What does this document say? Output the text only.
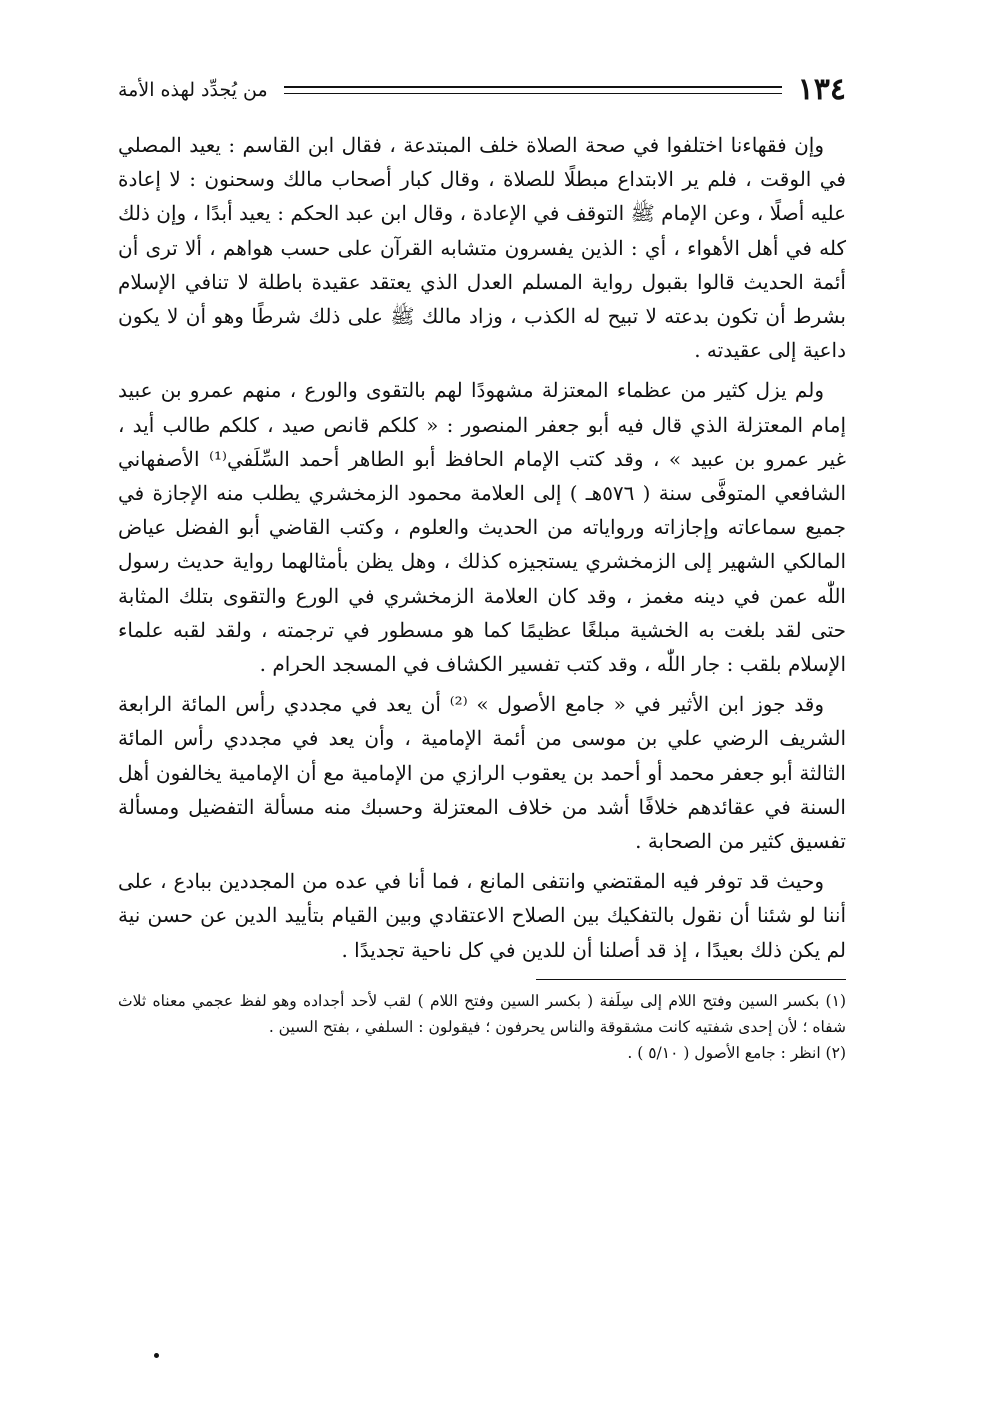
١٣٤
من يُجدِّد لهذه الأمة

وإن فقهاءنا اختلفوا في صحة الصلاة خلف المبتدعة ، فقال ابن القاسم : يعيد المصلي في الوقت ، فلم ير الابتداع مبطلًا للصلاة ، وقال كبار أصحاب مالك وسحنون : لا إعادة عليه أصلًا ، وعن الإمام ﷺ التوقف في الإعادة ، وقال ابن عبد الحكم : يعيد أبدًا ، وإن ذلك كله في أهل الأهواء ، أي : الذين يفسرون متشابه القرآن على حسب هواهم ، ألا ترى أن أئمة الحديث قالوا بقبول رواية المسلم العدل الذي يعتقد عقيدة باطلة لا تنافي الإسلام بشرط أن تكون بدعته لا تبيح له الكذب ، وزاد مالك ﷺ على ذلك شرطًا وهو أن لا يكون داعية إلى عقيدته .

ولم يزل كثير من عظماء المعتزلة مشهودًا لهم بالتقوى والورع ، منهم عمرو بن عبيد إمام المعتزلة الذي قال فيه أبو جعفر المنصور : « كلكم قانص صيد ، كلكم طالب أيد ، غير عمرو بن عبيد » ، وقد كتب الإمام الحافظ أبو الطاهر أحمد السِّلَفي⁽¹⁾ الأصفهاني الشافعي المتوفَّى سنة ( ٥٧٦هـ ) إلى العلامة محمود الزمخشري يطلب منه الإجازة في جميع سماعاته وإجازاته ورواياته من الحديث والعلوم ، وكتب القاضي أبو الفضل عياض المالكي الشهير إلى الزمخشري يستجيزه كذلك ، وهل يظن بأمثالهما رواية حديث رسول اللّٰه عمن في دينه مغمز ، وقد كان العلامة الزمخشري في الورع والتقوى بتلك المثابة حتى لقد بلغت به الخشية مبلغًا عظيمًا كما هو مسطور في ترجمته ، ولقد لقبه علماء الإسلام بلقب : جار اللّٰه ، وقد كتب تفسير الكشاف في المسجد الحرام .

وقد جوز ابن الأثير في « جامع الأصول » ⁽²⁾ أن يعد في مجددي رأس المائة الرابعة الشريف الرضي علي بن موسى من أئمة الإمامية ، وأن يعد في مجددي رأس المائة الثالثة أبو جعفر محمد أو أحمد بن يعقوب الرازي من الإمامية مع أن الإمامية يخالفون أهل السنة في عقائدهم خلافًا أشد من خلاف المعتزلة وحسبك منه مسألة التفضيل ومسألة تفسيق كثير من الصحابة .

وحيث قد توفر فيه المقتضي وانتفى المانع ، فما أنا في عده من المجددين ببادع ، على أننا لو شئنا أن نقول بالتفكيك بين الصلاح الاعتقادي وبين القيام بتأييد الدين عن حسن نية لم يكن ذلك بعيدًا ، إذ قد أصلنا أن للدين في كل ناحية تجديدًا .

(١) بكسر السين وفتح اللام إلى سِلَفة ( بكسر السين وفتح اللام ) لقب لأحد أجداده وهو لفظ عجمي معناه ثلاث شفاه ؛ لأن إحدى شفتيه كانت مشقوقة والناس يحرفون ؛ فيقولون : السلفي ، بفتح السين .

(٢) انظر : جامع الأصول ( ٥/١٠ ) .
